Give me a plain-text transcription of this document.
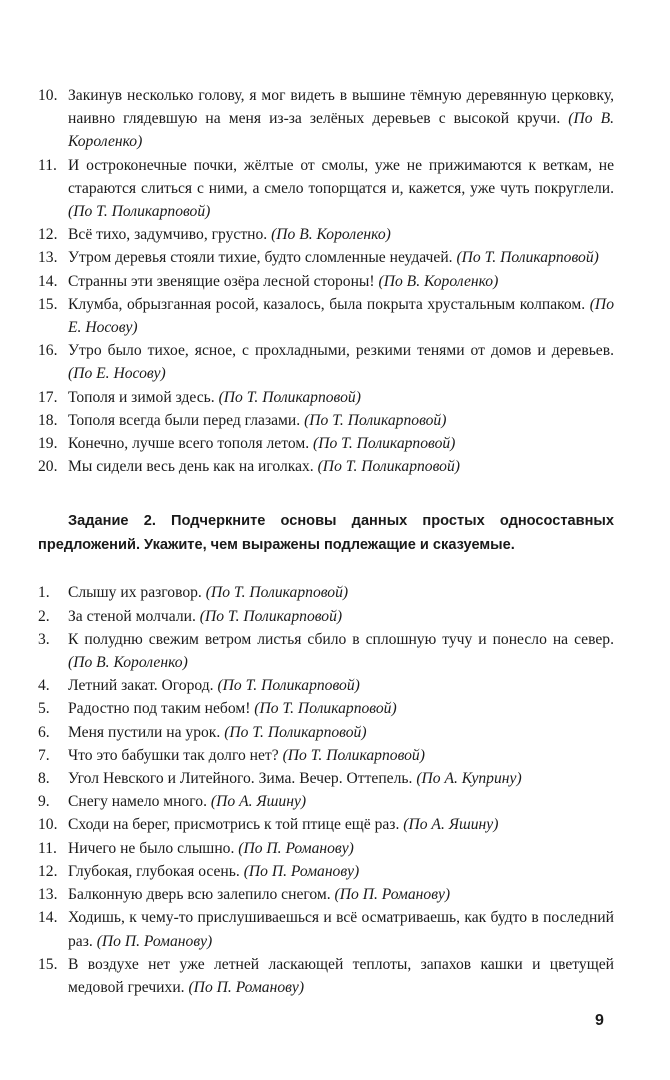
10. Закинув несколько голову, я мог видеть в вышине тёмную деревянную церковку, наивно глядевшую на меня из-за зелёных деревьев с высокой кручи. (По В. Короленко)
11. И остроконечные почки, жёлтые от смолы, уже не прижимаются к веткам, не стараются слиться с ними, а смело топорщатся и, кажется, уже чуть покруглели. (По Т. Поликарповой)
12. Всё тихо, задумчиво, грустно. (По В. Короленко)
13. Утром деревья стояли тихие, будто сломленные неудачей. (По Т. Поликарповой)
14. Странны эти звенящие озёра лесной стороны! (По В. Короленко)
15. Клумба, обрызганная росой, казалось, была покрыта хрустальным колпаком. (По Е. Носову)
16. Утро было тихое, ясное, с прохладными, резкими тенями от домов и деревьев. (По Е. Носову)
17. Тополя и зимой здесь. (По Т. Поликарповой)
18. Тополя всегда были перед глазами. (По Т. Поликарповой)
19. Конечно, лучше всего тополя летом. (По Т. Поликарповой)
20. Мы сидели весь день как на иголках. (По Т. Поликарповой)
Задание 2. Подчеркните основы данных простых односоставных предложений. Укажите, чем выражены подлежащие и сказуемые.
1.	Слышу их разговор. (По Т. Поликарповой)
2.	За стеной молчали. (По Т. Поликарповой)
3.	К полудню свежим ветром листья сбило в сплошную тучу и понесло на север. (По В. Короленко)
4.	Летний закат. Огород. (По Т. Поликарповой)
5.	Радостно под таким небом! (По Т. Поликарповой)
6.	Меня пустили на урок. (По Т. Поликарповой)
7.	Что это бабушки так долго нет? (По Т. Поликарповой)
8.	Угол Невского и Литейного. Зима. Вечер. Оттепель. (По А. Куприну)
9.	Снегу намело много. (По А. Яшину)
10. Сходи на берег, присмотрись к той птице ещё раз. (По А. Яшину)
11. Ничего не было слышно. (По П. Романову)
12. Глубокая, глубокая осень. (По П. Романову)
13. Балконную дверь всю залепило снегом. (По П. Романову)
14. Ходишь, к чему-то прислушиваешься и всё осматриваешь, как будто в последний раз. (По П. Романову)
15. В воздухе нет уже летней ласкающей теплоты, запахов кашки и цветущей медовой гречихи. (По П. Романову)
9
